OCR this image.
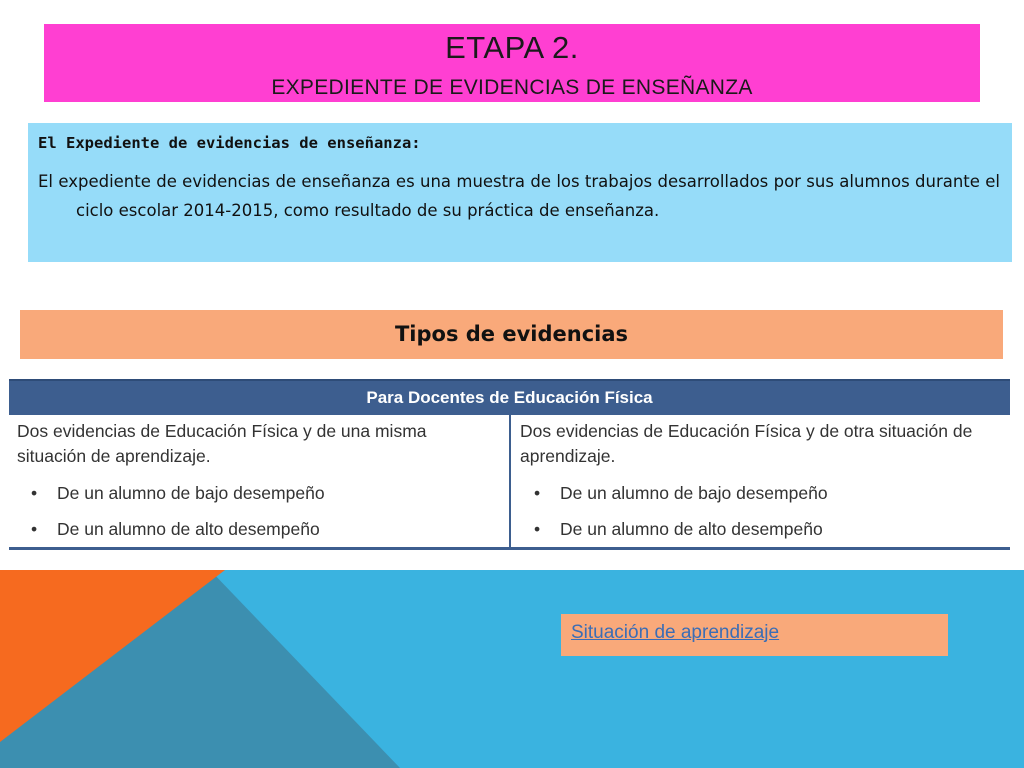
ETAPA 2.
EXPEDIENTE DE EVIDENCIAS DE ENSEÑANZA
El Expediente de evidencias de enseñanza:
El expediente de evidencias de enseñanza es una muestra de los trabajos desarrollados por sus alumnos durante el ciclo escolar 2014-2015, como resultado de su práctica de enseñanza.
Tipos de evidencias
Para Docentes de Educación Física
Dos evidencias de Educación Física y de una misma situación de aprendizaje.
• De un alumno de bajo desempeño
• De un alumno de alto desempeño
Dos evidencias de Educación Física y de otra situación de aprendizaje.
• De un alumno de bajo desempeño
• De un alumno de alto desempeño
Situación de aprendizaje
